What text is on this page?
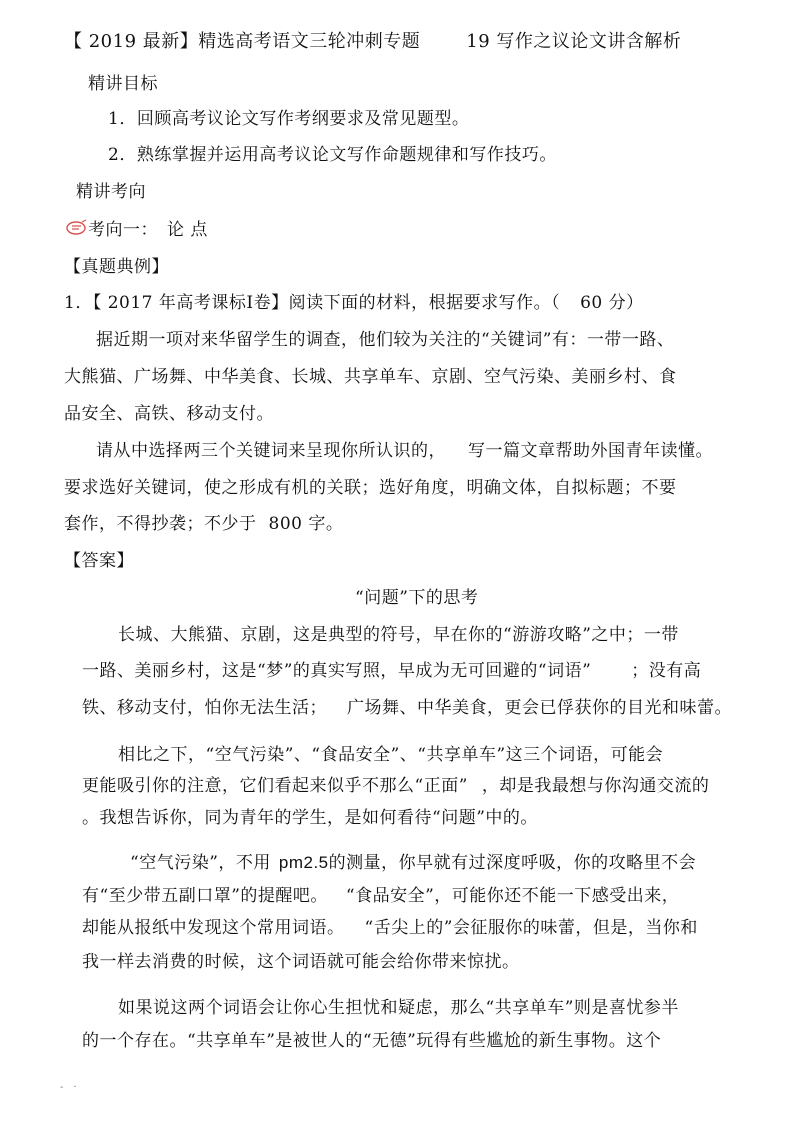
【 2019 最新】精选高考语文三轮冲刺专题	19 写作之议论文讲含解析
精讲目标
1．回顾高考议论文写作考纲要求及常见题型。
2．熟练掌握并运用高考议论文写作命题规律和写作技巧。
精讲考向
考向一：　论 点
【真题典例】
1．【 2017 年高考课标Ⅰ卷】阅读下面的材料，根据要求写作。（ 60 分）
据近期一项对来华留学生的调查，他们较为关注的“关键词”有：一带一路、
大熊猫、广场舞、中华美食、长城、共享单车、京剧、空气污染、美丽乡村、食
品安全、高铁、移动支付。
请从中选择两三个关键词来呈现你所认识的， 写一篇文章帮助外国青年读懂。
要求选好关键词，使之形成有机的关联；选好角度，明确文体，自拟标题；不要
套作，不得抄袭；不少于 800 字。
【答案】
“问题”下的思考
长城、大熊猫、京剧，这是典型的符号，早在你的“游游攻略”之中；一带
一路、美丽乡村，这是“梦”的真实写照，早成为无可回避的“词语” ；没有高
铁、移动支付，怕你无法生活； 广场舞、中华美食，更会已俘获你的目光和味蕾。
相比之下，“空气污染”、“食品安全”、“共享单车”这三个词语，可能会
更能吸引你的注意，它们看起来似乎不那么“正面” ，却是我最想与你沟通交流的
。我想告诉你，同为青年的学生，是如何看待“问题”中的。
“空气污染”，不用 pm2.5的测量，你早就有过深度呼吸，你的攻略里不会
有“至少带五副口罩”的提醒吧。 “食品安全”，可能你还不能一下感受出来，
却能从报纸中发现这个常用词语。 “舌尖上的”会征服你的味蕾，但是，当你和
我一样去消费的时候，这个词语就可能会给你带来惊扰。
如果说这两个词语会让你心生担忧和疑虑，那么“共享单车”则是喜忧参半
的一个存在。“共享单车”是被世人的“无德”玩得有些尴尬的新生事物。这个
-　·
